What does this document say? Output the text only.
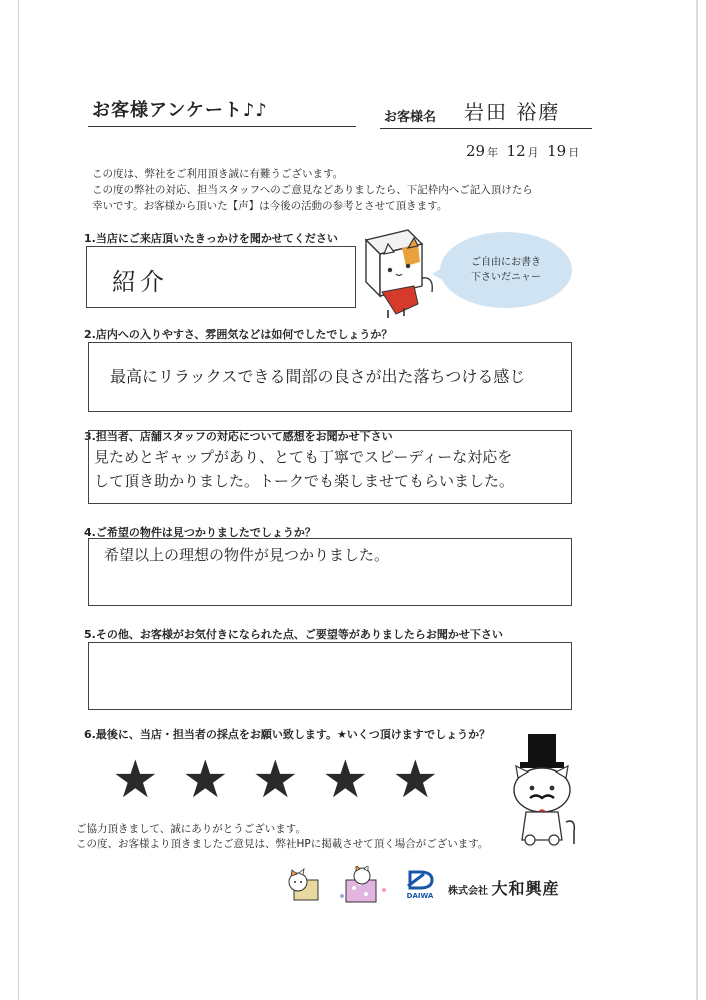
お客様アンケート♪♪	お客様名 岩田 裕磨
29 年 12 月 19 日
この度は、弊社をご利用頂き誠に有難うございます。
この度の弊社の対応、担当スタッフへのご意見などありましたら、下記枠内へご記入頂けたら
幸いです。お客様から頂いた【声】は今後の活動の参考とさせて頂きます。
1.当店にご来店頂いたきっかけを聞かせてください
紹介
ご自由にお書き
下さいだニャー
2.店内への入りやすさ、雰囲気などは如何でしたでしょうか？
最高にリラックスできる間部の良さが出た落ちつける感じ
3.担当者、店舗スタッフの対応について感想をお聞かせ下さい
見ためとギャップがあり、とても丁寧でスピーディーな対応を
して頂き助かりました。トークでも楽しませてもらいました。
4.ご希望の物件は見つかりましたでしょうか？
希望以上の理想の物件が見つかりました。
5.その他、お客様がお気付きになられた点、ご要望等がありましたらお聞かせ下さい
6.最後に、当店・担当者の採点をお願い致します。★いくつ頂けますでしょうか？
★ ★ ★ ★ ★
ご協力頂きまして、誠にありがとうございます。
この度、お客様より頂きましたご意見は、弊社HPに掲載させて頂く場合がございます。
DAIWA 株式会社 大和興産
